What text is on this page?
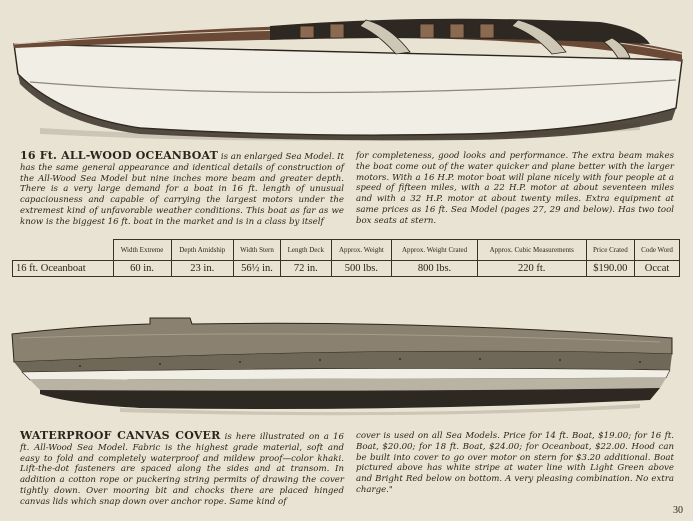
16 Ft. ALL-WOOD OCEANBOAT is an enlarged Sea Model. It has the same general appearance and identical details of construction of the All-Wood Sea Model but nine inches more beam and greater depth. There is a very large demand for a boat in 16 ft. length of unusual capaciousness and capable of carrying the largest motors under the extremest kind of unfavorable weather conditions. This boat as far as we know is the biggest 16 ft. boat in the market and is in a class by itself
for completeness, good looks and performance. The extra beam makes the boat come out of the water quicker and plane better with the larger motors. With a 16 H.P. motor boat will plane nicely with four people at a speed of fifteen miles, with a 22 H.P. motor at about seventeen miles and with a 32 H.P. motor at about twenty miles. Extra equipment at same prices as 16 ft. Sea Model (pages 27, 29 and below). Has two tool box seats at stern.
	Width Extreme	Depth Amidship	Width Stern	Length Deck	Approx. Weight	Approx. Weight Crated	Approx. Cubic Measurements	Price Crated	Code Word
16 ft. Oceanboat	60 in.	23 in.	56½ in.	72 in.	500 lbs.	800 lbs.	220 ft.	$190.00	Occat
WATERPROOF CANVAS COVER is here illustrated on a 16 ft. All-Wood Sea Model. Fabric is the highest grade material, soft and easy to fold and completely waterproof and mildew proof—color khaki. Lift-the-dot fasteners are spaced along the sides and at transom. In addition a cotton rope or puckering string permits of drawing the cover tightly down. Over mooring bit and chocks there are placed hinged canvas lids which snap down over anchor rope. Same kind of
cover is used on all Sea Models. Price for 14 ft. Boat, $19.00; for 16 ft. Boat, $20.00; for 18 ft. Boat, $24.00; for Oceanboat, $22.00. Hood can be built into cover to go over motor on stern for $3.20 additional. Boat pictured above has white stripe at water line with Light Green above and Bright Red below on bottom. A very pleasing combination. No extra charge."
30
